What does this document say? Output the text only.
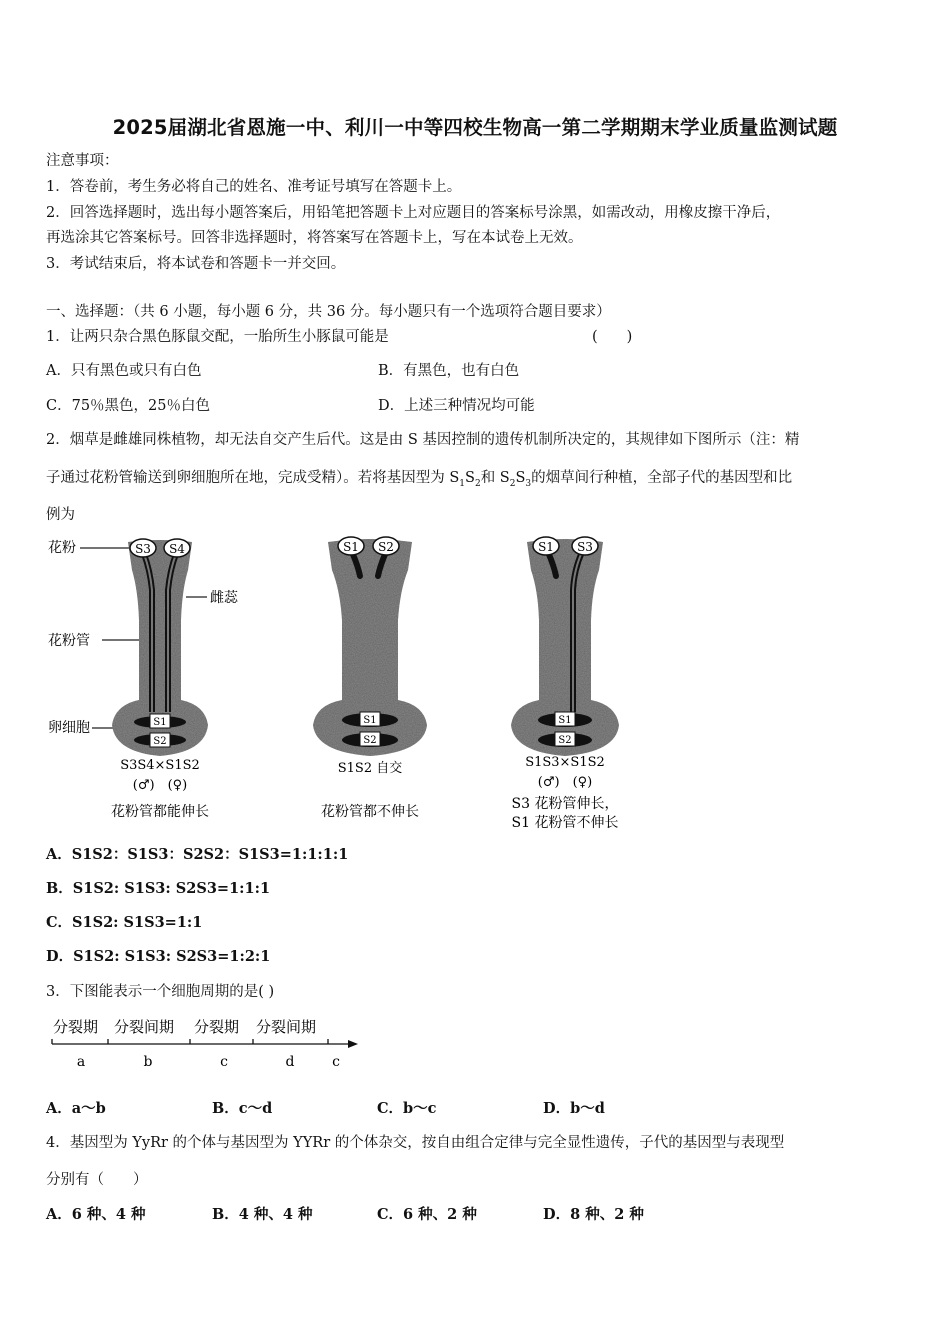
2025届湖北省恩施一中、利川一中等四校生物高一第二学期期末学业质量监测试题
注意事项：
1．答卷前，考生务必将自己的姓名、准考证号填写在答题卡上。
2．回答选择题时，选出每小题答案后，用铅笔把答题卡上对应题目的答案标号涂黑，如需改动，用橡皮擦干净后，
再选涂其它答案标号。回答非选择题时，将答案写在答题卡上，写在本试卷上无效。
3．考试结束后，将本试卷和答题卡一并交回。
一、选择题：（共 6 小题，每小题 6 分，共 36 分。每小题只有一个选项符合题目要求）
1．让两只杂合黑色豚鼠交配，一胎所生小豚鼠可能是	(　　)
A．只有黑色或只有白色	B．有黑色，也有白色
C．75％黑色，25％白色	D．上述三种情况均可能
2．烟草是雌雄同株植物，却无法自交产生后代。这是由 S 基因控制的遗传机制所决定的，其规律如下图所示（注：精
子通过花粉管输送到卵细胞所在地，完成受精）。若将基因型为 $S_1S_2$和 $S_2S_3$的烟草间行种植，全部子代的基因型和比
例为
花粉
花粉管
卵细胞
雌蕊
S3 S4
S1
S2
S3S4×S1S2
(♂)　(♀)
花粉管都能伸长
S1 S2
S1
S2
S1S2 自交
花粉管都不伸长
S1 S3
S1
S2
S1S3×S1S2
(♂)　(♀)
S3 花粉管伸长，
S1 花粉管不伸长
A．S1S2：S1S3：S2S2：S1S3=1:1:1:1
B．S1S2: S1S3: S2S3=1:1:1
C．S1S2: S1S3=1:1
D．S1S2: S1S3: S2S3=1:2:1
3．下图能表示一个细胞周期的是( )
分裂期 分裂间期 分裂期 分裂间期
a	b	c	d	c
A．a～b	B．c～d	C．b～c	D．b～d
4．基因型为 YyRr 的个体与基因型为 YYRr 的个体杂交，按自由组合定律与完全显性遗传，子代的基因型与表现型
分别有（　　）
A．6 种、4 种	B．4 种、4 种	C．6 种、2 种	D．8 种、2 种
